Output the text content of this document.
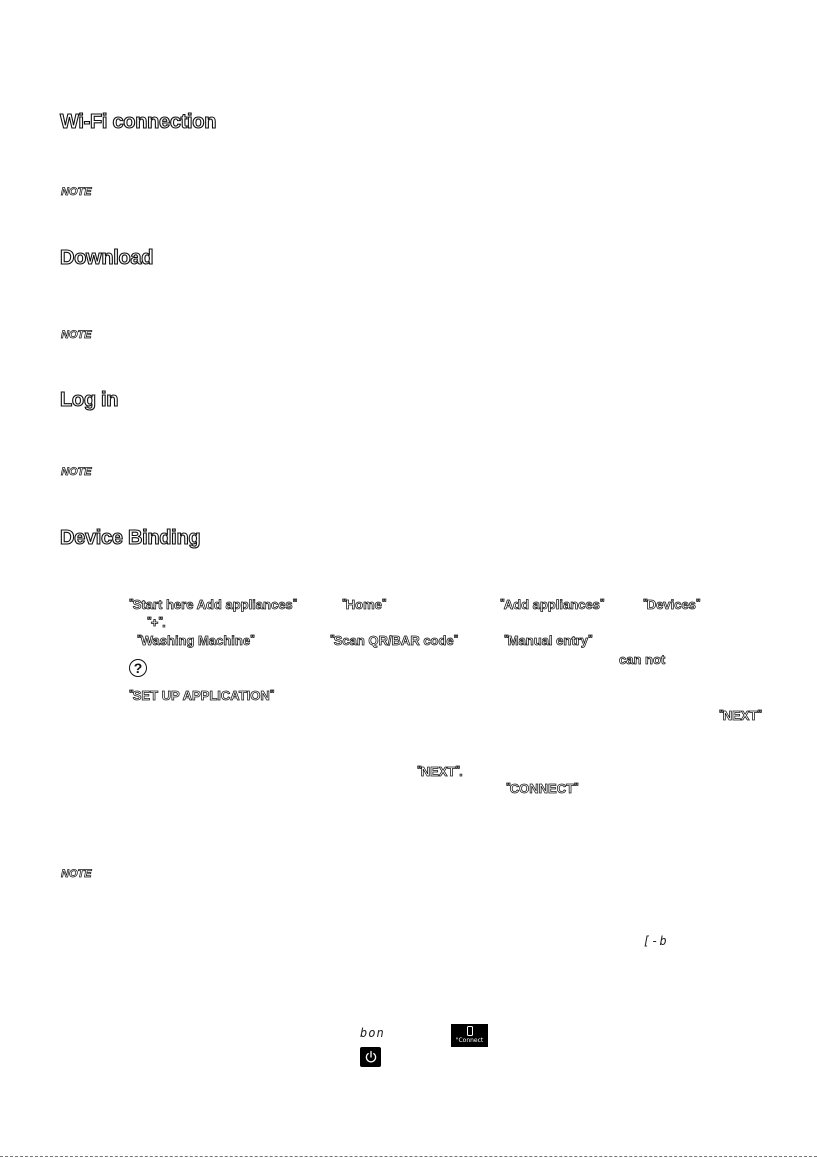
Wi-Fi connection
NOTE
Download
NOTE
Log in
NOTE
Device Binding
"Start here Add appliances"	"Home"	"Add appliances"	"Devices"
"+".
"Washing Machine"	"Scan QR/BAR code"	"Manual entry"
can not
?
"SET UP APPLICATION"
"NEXT"
"NEXT".
"CONNECT"
NOTE
[-b
bon
"Connect
